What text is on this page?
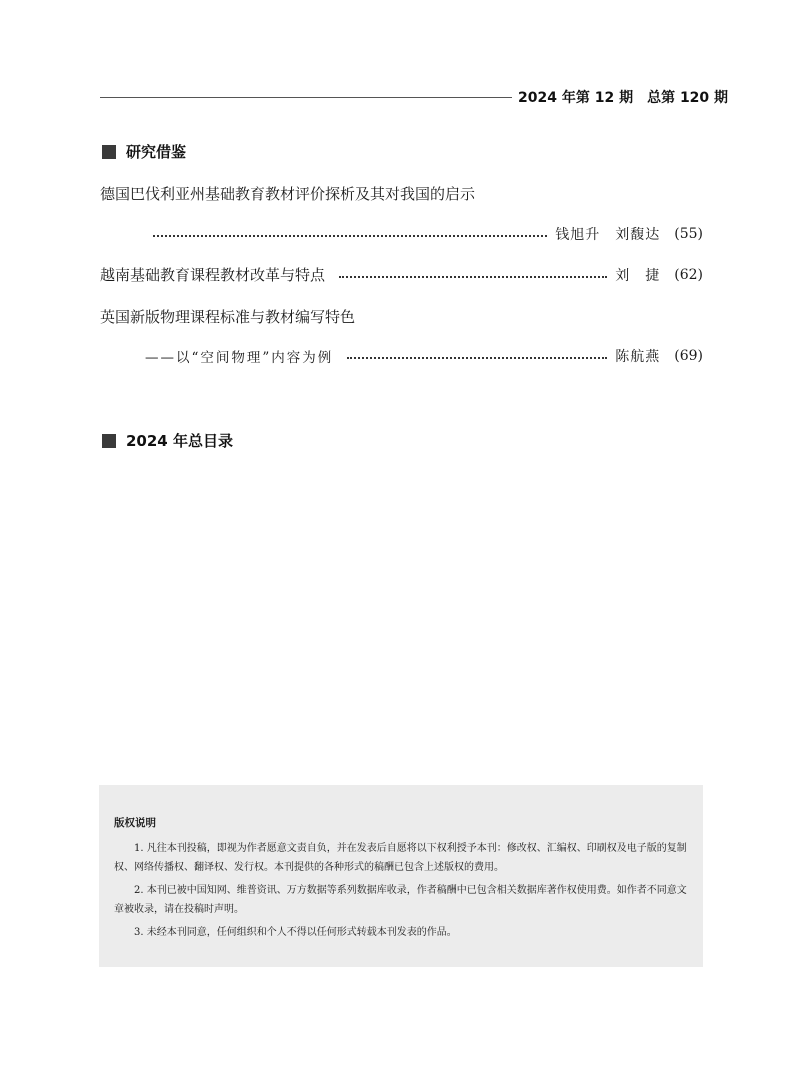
2024 年第 12 期　总第 120 期
研究借鉴
德国巴伐利亚州基础教育教材评价探析及其对我国的启示
钱旭升　刘馥达 (55)
越南基础教育课程教材改革与特点	刘　捷 (62)
英国新版物理课程标准与教材编写特色
——以“空间物理”内容为例	陈航燕 (69)
2024 年总目录
版权说明

1. 凡往本刊投稿，即视为作者愿意文责自负，并在发表后自愿将以下权利授予本刊：修改权、汇编权、印刷权及电子版的复制权、网络传播权、翻译权、发行权。本刊提供的各种形式的稿酬已包含上述版权的费用。

2. 本刊已被中国知网、维普资讯、万方数据等系列数据库收录，作者稿酬中已包含相关数据库著作权使用费。如作者不同意文章被收录，请在投稿时声明。

3. 未经本刊同意，任何组织和个人不得以任何形式转载本刊发表的作品。
